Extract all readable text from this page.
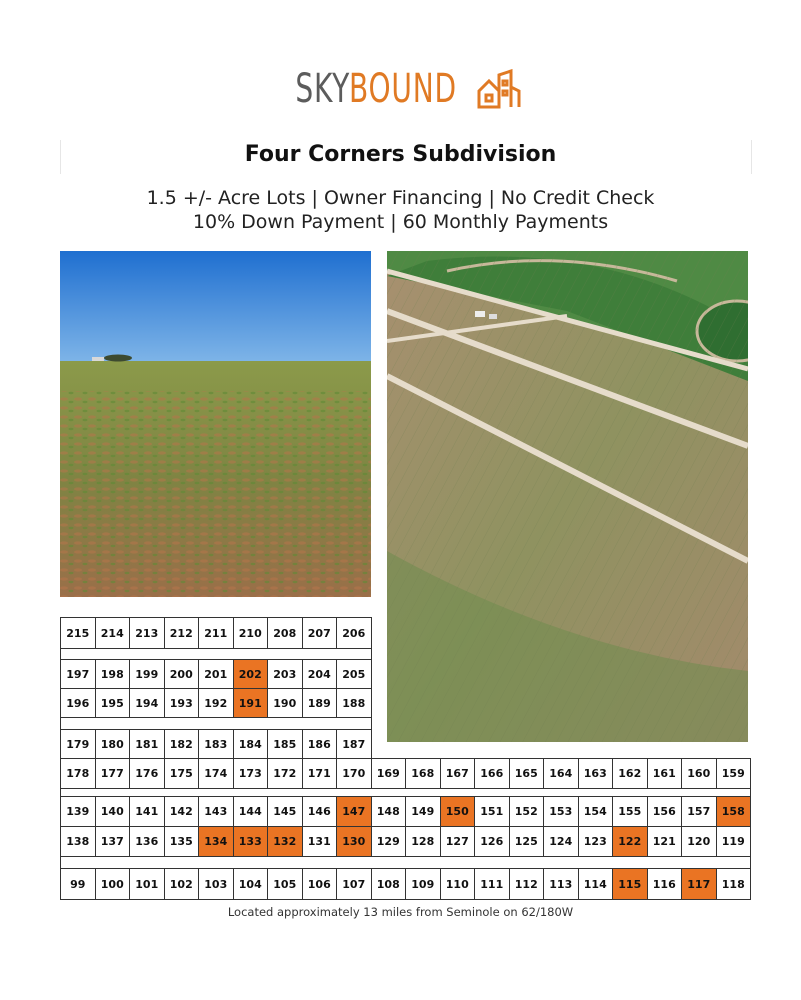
SKY BOUND
Four Corners Subdivision
1.5 +/- Acre Lots | Owner Financing | No Credit Check
10% Down Payment | 60 Monthly Payments
215	214	213	212	211	210	208	207	206
197	198	199	200	201	202	203	204	205
196	195	194	193	192	191	190	189	188
179	180	181	182	183	184	185	186	187
178	177	176	175	174	173	172	171	170	169	168	167	166	165	164	163	162	161	160	159
139	140	141	142	143	144	145	146	147	148	149	150	151	152	153	154	155	156	157	158
138	137	136	135	134	133	132	131	130	129	128	127	126	125	124	123	122	121	120	119
99	100	101	102	103	104	105	106	107	108	109	110	111	112	113	114	115	116	117	118
Located approximately 13 miles from Seminole on 62/180W
